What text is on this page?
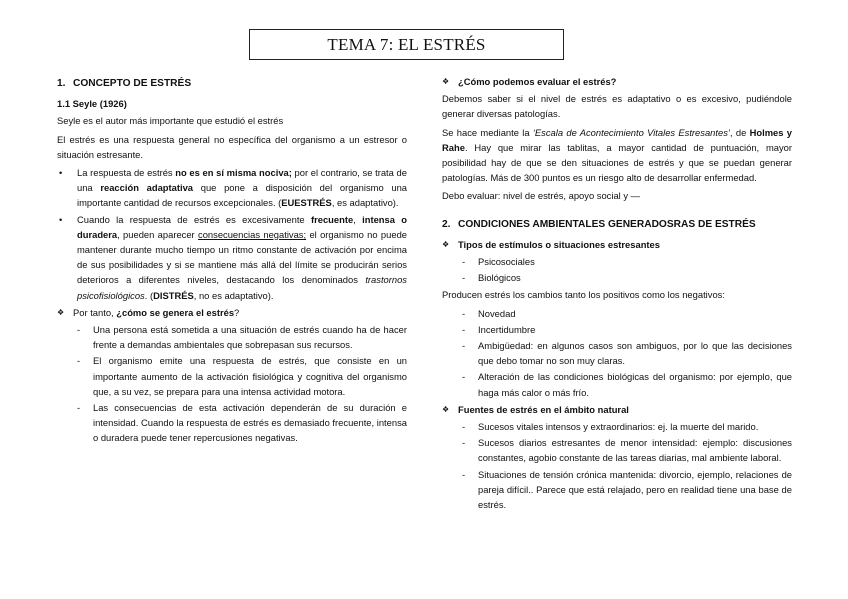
TEMA 7: EL ESTRÉS
1. CONCEPTO DE ESTRÉS

1.1 Seyle (1926)

Seyle es el autor más importante que estudió el estrés

El estrés es una respuesta general no específica del organismo a un estresor o situación estresante.

•	La respuesta de estrés no es en sí misma nociva; por el contrario, se trata de una reacción adaptativa que pone a disposición del organismo una importante cantidad de recursos excepcionales. (EUESTRÉS, es adaptativo).
•	Cuando la respuesta de estrés es excesivamente frecuente, intensa o duradera, pueden aparecer consecuencias negativas; el organismo no puede mantener durante mucho tiempo un ritmo constante de activación por encima de sus posibilidades y si se mantiene más allá del límite se producirán serios deterioros a diferentes niveles, destacando los denominados trastornos psicofisiológicos. (DISTRÉS, no es adaptativo).
❖ Por tanto, ¿cómo se genera el estrés?
-	Una persona está sometida a una situación de estrés cuando ha de hacer frente a demandas ambientales que sobrepasan sus recursos.
-	El organismo emite una respuesta de estrés, que consiste en un importante aumento de la activación fisiológica y cognitiva del organismo que, a su vez, se prepara para una intensa actividad motora.
-	Las consecuencias de esta activación dependerán de su duración e intensidad. Cuando la respuesta de estrés es demasiado frecuente, intensa o duradera puede tener repercusiones negativas.
❖ ¿Cómo podemos evaluar el estrés?

Debemos saber si el nivel de estrés es adaptativo o es excesivo, pudiéndole generar diversas patologías.

Se hace mediante la ‘Escala de Acontecimiento Vitales Estresantes’, de Holmes y Rahe. Hay que mirar las tablitas, a mayor cantidad de puntuación, mayor posibilidad hay de que se den situaciones de estrés y que se puedan generar patologías. Más de 300 puntos es un riesgo alto de desarrollar enfermedad.

Debo evaluar: nivel de estrés, apoyo social y —

2. CONDICIONES AMBIENTALES GENERADOSRAS DE ESTRÉS
❖ Tipos de estímulos o situaciones estresantes
-	Psicosociales
-	Biológicos

Producen estrés los cambios tanto los positivos como los negativos:

-	Novedad
-	Incertidumbre
-	Ambigüedad: en algunos casos son ambiguos, por lo que las decisiones que debo tomar no son muy claras.
-	Alteración de las condiciones biológicas del organismo: por ejemplo, que haga más calor o más frío.
❖ Fuentes de estrés en el ámbito natural
-	Sucesos vitales intensos y extraordinarios: ej. la muerte del marido.
-	Sucesos diarios estresantes de menor intensidad: ejemplo: discusiones constantes, agobio constante de las tareas diarias, mal ambiente laboral.
-	Situaciones de tensión crónica mantenida: divorcio, ejemplo, relaciones de pareja difícil.. Parece que está relajado, pero en realidad tiene una base de estrés.
